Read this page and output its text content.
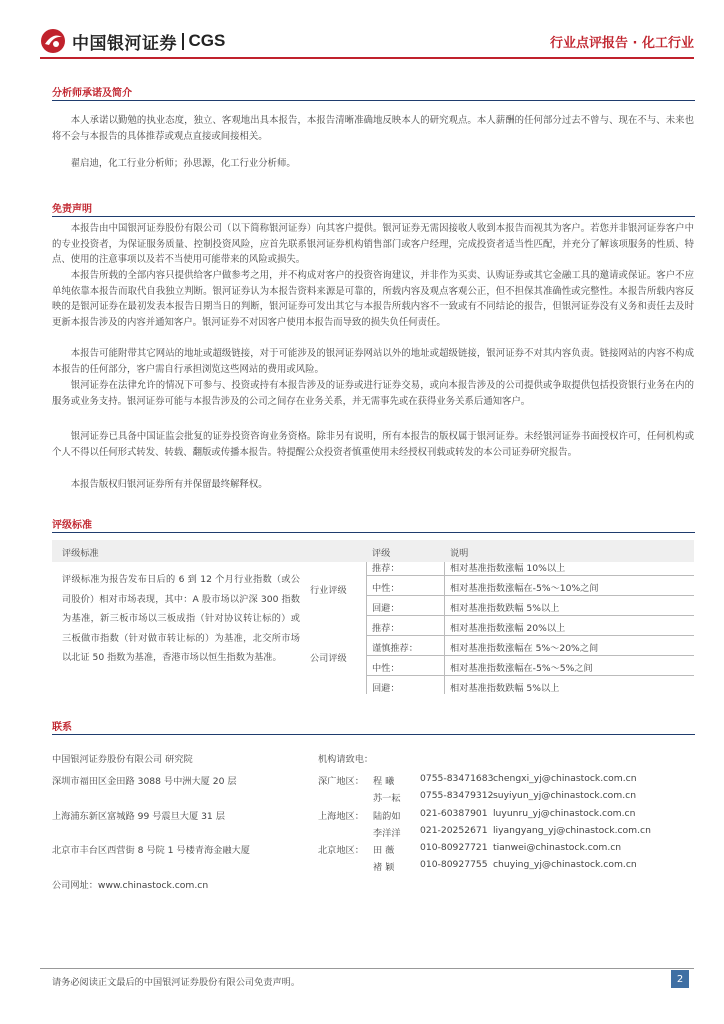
中国银河证券 CGS	行业点评报告 · 化工行业
分析师承诺及简介
本人承诺以勤勉的执业态度，独立、客观地出具本报告，本报告清晰准确地反映本人的研究观点。本人薪酬的任何部分过去不曾与、现在不与、未来也将不会与本报告的具体推荐或观点直接或间接相关。
翟启迪，化工行业分析师；孙思源，化工行业分析师。
免责声明
本报告由中国银河证券股份有限公司（以下简称银河证券）向其客户提供。银河证券无需因接收人收到本报告而视其为客户。若您并非银河证券客户中的专业投资者，为保证服务质量、控制投资风险，应首先联系银河证券机构销售部门或客户经理，完成投资者适当性匹配，并充分了解该项服务的性质、特点、使用的注意事项以及若不当使用可能带来的风险或损失。
本报告所载的全部内容只提供给客户做参考之用，并不构成对客户的投资咨询建议，并非作为买卖、认购证券或其它金融工具的邀请或保证。客户不应单纯依靠本报告而取代自我独立判断。银河证券认为本报告资料来源是可靠的，所载内容及观点客观公正，但不担保其准确性或完整性。本报告所载内容反映的是银河证券在最初发表本报告日期当日的判断，银河证券可发出其它与本报告所载内容不一致或有不同结论的报告，但银河证券没有义务和责任去及时更新本报告涉及的内容并通知客户。银河证券不对因客户使用本报告而导致的损失负任何责任。
本报告可能附带其它网站的地址或超级链接，对于可能涉及的银河证券网站以外的地址或超级链接，银河证券不对其内容负责。链接网站的内容不构成本报告的任何部分，客户需自行承担浏览这些网站的费用或风险。
银河证券在法律允许的情况下可参与、投资或持有本报告涉及的证券或进行证券交易，或向本报告涉及的公司提供或争取提供包括投资银行业务在内的服务或业务支持。银河证券可能与本报告涉及的公司之间存在业务关系，并无需事先或在获得业务关系后通知客户。
银河证券已具备中国证监会批复的证券投资咨询业务资格。除非另有说明，所有本报告的版权属于银河证券。未经银河证券书面授权许可，任何机构或个人不得以任何形式转发、转载、翻版或传播本报告。特提醒公众投资者慎重使用未经授权刊载或转发的本公司证券研究报告。
本报告版权归银河证券所有并保留最终解释权。
评级标准
评级标准	评级	说明
评级标准为报告发布日后的 6 到 12 个月行业指数（或公司股价）相对市场表现，其中：A 股市场以沪深 300 指数为基准，新三板市场以三板成指（针对协议转让标的）或三板做市指数（针对做市转让标的）为基准，北交所市场以北证 50 指数为基准，香港市场以恒生指数为基准。
行业评级
推荐：	相对基准指数涨幅 10%以上
中性：	相对基准指数涨幅在-5%～10%之间
回避：	相对基准指数跌幅 5%以上
公司评级
推荐：	相对基准指数涨幅 20%以上
谨慎推荐：	相对基准指数涨幅在 5%～20%之间
中性：	相对基准指数涨幅在-5%～5%之间
回避：	相对基准指数跌幅 5%以上
联系
中国银河证券股份有限公司 研究院	机构请致电：
深圳市福田区金田路 3088 号中洲大厦 20 层
上海浦东新区富城路 99 号震旦大厦 31 层
北京市丰台区西营街 8 号院 1 号楼青海金融大厦
公司网址：www.chinastock.com.cn
深广地区： 程 曦	0755-83471683 chengxi_yj@chinastock.com.cn
苏一耘 0755-83479312 suyiyun_yj@chinastock.com.cn
上海地区： 陆韵如 021-60387901 luyunru_yj@chinastock.com.cn
李洋洋 021-20252671 liyangyang_yj@chinastock.com.cn
北京地区： 田 薇	010-80927721 tianwei@chinastock.com.cn
褚 颖	010-80927755 chuying_yj@chinastock.com.cn
请务必阅读正文最后的中国银河证券股份有限公司免责声明。	2
